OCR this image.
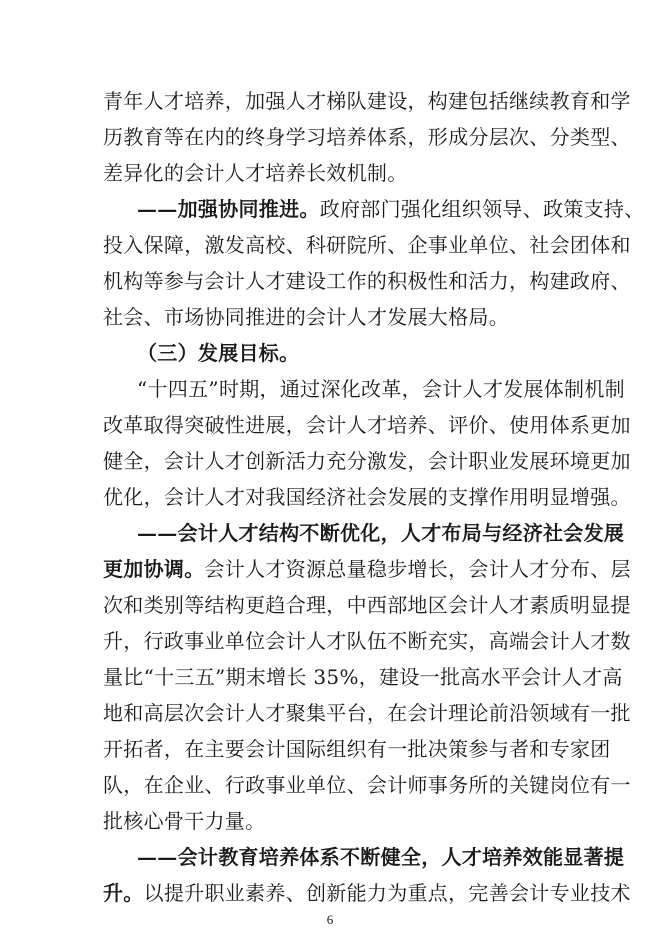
青年人才培养，加强人才梯队建设，构建包括继续教育和学
历教育等在内的终身学习培养体系，形成分层次、分类型、
差异化的会计人才培养长效机制。
——加强协同推进。政府部门强化组织领导、政策支持、
投入保障，激发高校、科研院所、企事业单位、社会团体和
机构等参与会计人才建设工作的积极性和活力，构建政府、
社会、市场协同推进的会计人才发展大格局。
（三）发展目标。
“十四五”时期，通过深化改革，会计人才发展体制机制
改革取得突破性进展，会计人才培养、评价、使用体系更加
健全，会计人才创新活力充分激发，会计职业发展环境更加
优化，会计人才对我国经济社会发展的支撑作用明显增强。
——会计人才结构不断优化，人才布局与经济社会发展
更加协调。会计人才资源总量稳步增长，会计人才分布、层
次和类别等结构更趋合理，中西部地区会计人才素质明显提
升，行政事业单位会计人才队伍不断充实，高端会计人才数
量比“十三五”期末增长 35%，建设一批高水平会计人才高
地和高层次会计人才聚集平台，在会计理论前沿领域有一批
开拓者，在主要会计国际组织有一批决策参与者和专家团
队，在企业、行政事业单位、会计师事务所的关键岗位有一
批核心骨干力量。
——会计教育培养体系不断健全，人才培养效能显著提
升。以提升职业素养、创新能力为重点，完善会计专业技术
6
